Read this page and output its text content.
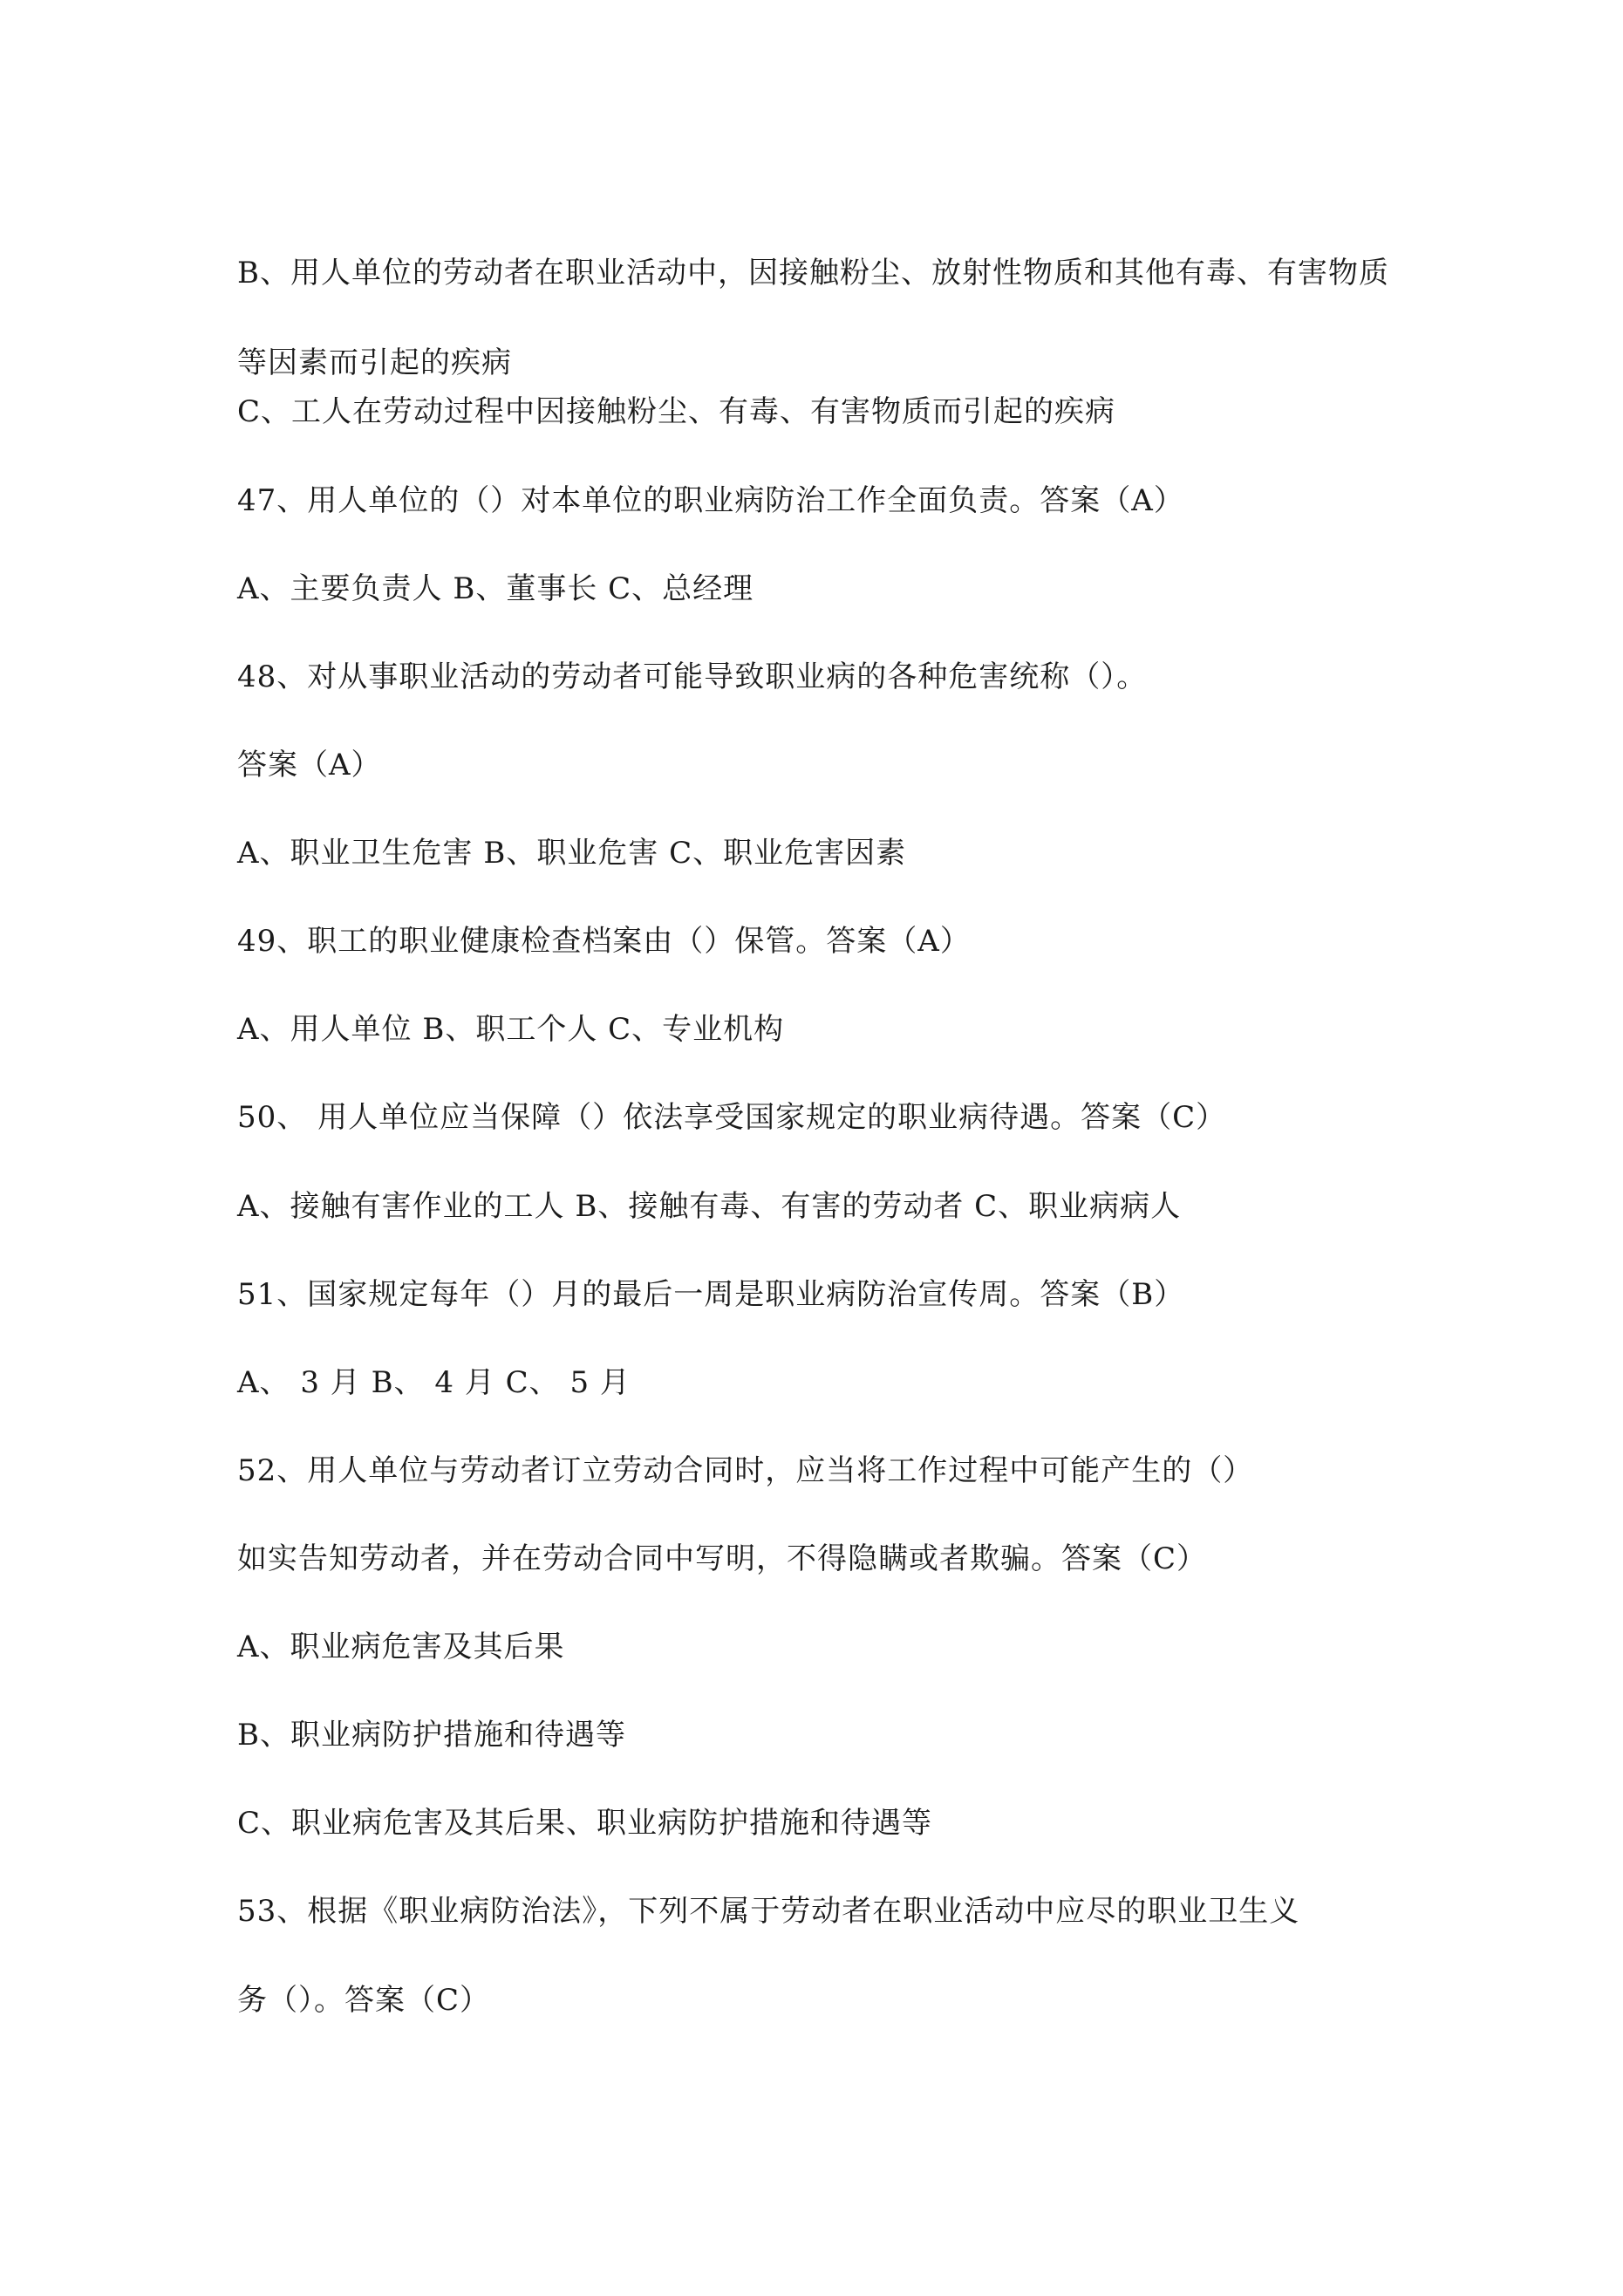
B、用人单位的劳动者在职业活动中，因接触粉尘、放射性物质和其他有毒、有害物质

等因素而引起的疾病

C、工人在劳动过程中因接触粉尘、有毒、有害物质而引起的疾病

47、用人单位的（）对本单位的职业病防治工作全面负责。答案（A）

A、主要负责人 B、董事长 C、总经理

48、对从事职业活动的劳动者可能导致职业病的各种危害统称（）。

答案（A）

A、职业卫生危害 B、职业危害 C、职业危害因素

49、职工的职业健康检查档案由（）保管。答案（A）

A、用人单位 B、职工个人 C、专业机构

50、 用人单位应当保障（）依法享受国家规定的职业病待遇。答案（C）

A、接触有害作业的工人 B、接触有毒、有害的劳动者 C、职业病病人

51、国家规定每年（）月的最后一周是职业病防治宣传周。答案（B）

A、 3 月 B、 4 月 C、 5 月

52、用人单位与劳动者订立劳动合同时，应当将工作过程中可能产生的（）

如实告知劳动者，并在劳动合同中写明，不得隐瞒或者欺骗。答案（C）

A、职业病危害及其后果

B、职业病防护措施和待遇等

C、职业病危害及其后果、职业病防护措施和待遇等

53、根据《职业病防治法》，下列不属于劳动者在职业活动中应尽的职业卫生义

务（）。答案（C）
